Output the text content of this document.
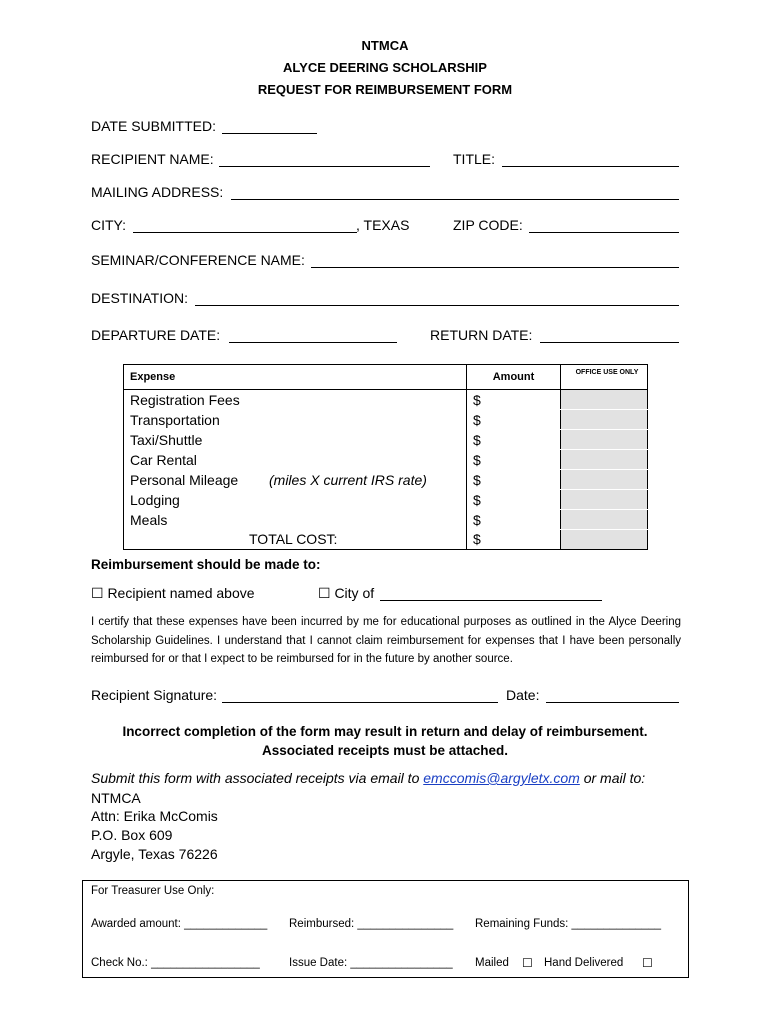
NTMCA
ALYCE DEERING SCHOLARSHIP
REQUEST FOR REIMBURSEMENT FORM
DATE SUBMITTED:
RECIPIENT NAME:	TITLE:
MAILING ADDRESS:
CITY:	, TEXAS	ZIP CODE:
SEMINAR/CONFERENCE NAME:
DESTINATION:
DEPARTURE DATE:	RETURN DATE:
Expense	Amount	OFFICE USE ONLY
Registration Fees	$	
Transportation	$	
Taxi/Shuttle	$	
Car Rental	$	
Personal Mileage (miles X current IRS rate)	$	
Lodging	$	
Meals	$	
TOTAL COST:	$	
Reimbursement should be made to:
☐ Recipient named above	☐ City of
I certify that these expenses have been incurred by me for educational purposes as outlined in the Alyce Deering Scholarship Guidelines. I understand that I cannot claim reimbursement for expenses that I have been personally reimbursed for or that I expect to be reimbursed for in the future by another source.
Recipient Signature:	Date:
Incorrect completion of the form may result in return and delay of reimbursement.
Associated receipts must be attached.
Submit this form with associated receipts via email to emccomis@argyletx.com or mail to:
NTMCA
Attn: Erika McComis
P.O. Box 609
Argyle, Texas 76226
For Treasurer Use Only:
Awarded amount: _____________ Reimbursed: _______________ Remaining Funds: ______________
Check No.: _________________	Issue Date: ________________ Mailed ☐ Hand Delivered ☐
